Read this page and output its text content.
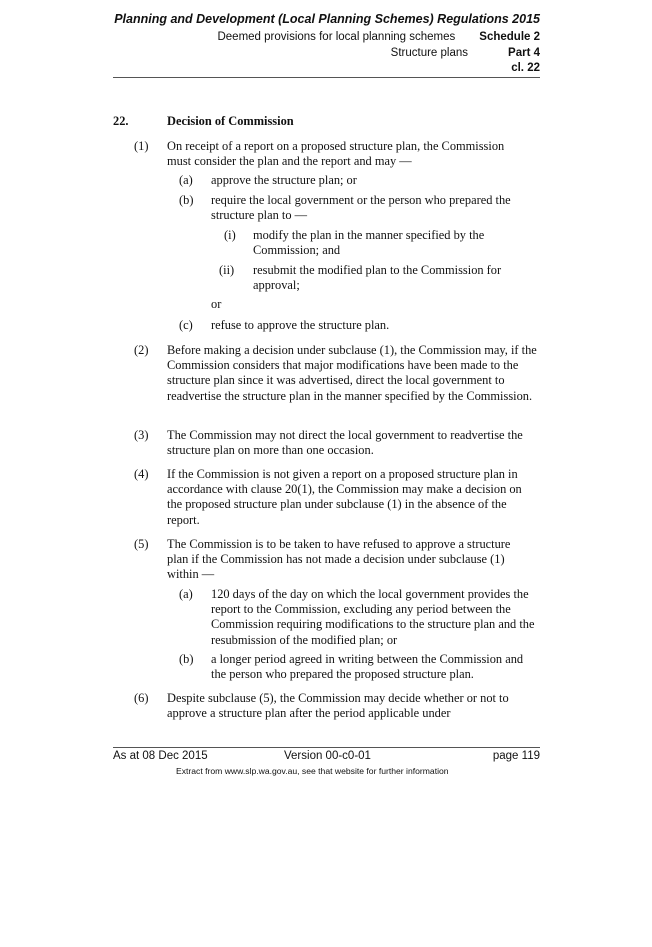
Planning and Development (Local Planning Schemes) Regulations 2015
Deemed provisions for local planning schemes Schedule 2
Structure plans	Part 4
cl. 22
22.	Decision of Commission
(1) On receipt of a report on a proposed structure plan, the Commission must consider the plan and the report and may —
(a) approve the structure plan; or
(b) require the local government or the person who prepared the structure plan to —
(i) modify the plan in the manner specified by the Commission; and
(ii) resubmit the modified plan to the Commission for approval;
or
(c) refuse to approve the structure plan.
(2) Before making a decision under subclause (1), the Commission may, if the Commission considers that major modifications have been made to the structure plan since it was advertised, direct the local government to readvertise the structure plan in the manner specified by the Commission.
(3) The Commission may not direct the local government to readvertise the structure plan on more than one occasion.
(4) If the Commission is not given a report on a proposed structure plan in accordance with clause 20(1), the Commission may make a decision on the proposed structure plan under subclause (1) in the absence of the report.
(5) The Commission is to be taken to have refused to approve a structure plan if the Commission has not made a decision under subclause (1) within —
(a) 120 days of the day on which the local government provides the report to the Commission, excluding any period between the Commission requiring modifications to the structure plan and the resubmission of the modified plan; or
(b) a longer period agreed in writing between the Commission and the person who prepared the proposed structure plan.
(6) Despite subclause (5), the Commission may decide whether or not to approve a structure plan after the period applicable under
As at 08 Dec 2015	Version 00-c0-01	page 119
Extract from www.slp.wa.gov.au, see that website for further information
